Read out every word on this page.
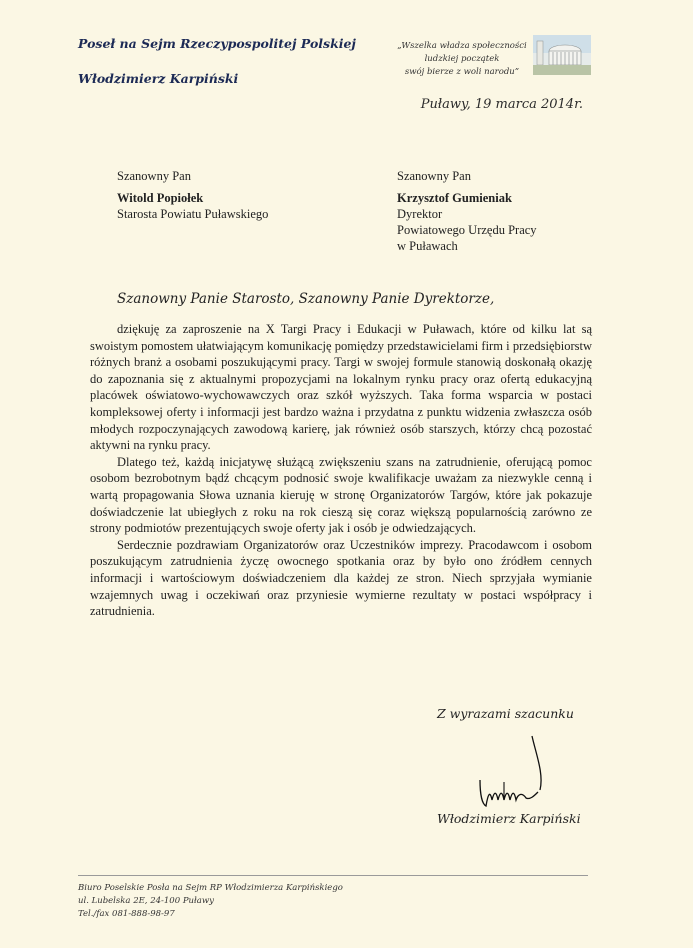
Poseł na Sejm Rzeczypospolitej Polskiej
Włodzimierz Karpiński
„Wszelka władza społeczności
ludzkiej początek
swój bierze z woli narodu”
Puławy, 19 marca 2014r.
Szanowny Pan
Witold Popiołek
Starosta Powiatu Puławskiego
Szanowny Pan
Krzysztof Gumieniak
Dyrektor
Powiatowego Urzędu Pracy
w Puławach
Szanowny Panie Starosto, Szanowny Panie Dyrektorze,

dziękuję za zaproszenie na X Targi Pracy i Edukacji w Puławach, które od kilku lat są swoistym pomostem ułatwiającym komunikację pomiędzy przedstawicielami firm i przedsiębiorstw różnych branż a osobami poszukującymi pracy. Targi w swojej formule stanowią doskonałą okazję do zapoznania się z aktualnymi propozycjami na lokalnym rynku pracy oraz ofertą edukacyjną placówek oświatowo-wychowawczych oraz szkół wyższych. Taka forma wsparcia w postaci kompleksowej oferty i informacji jest bardzo ważna i przydatna z punktu widzenia zwłaszcza osób młodych rozpoczynających zawodową karierę, jak również osób starszych, którzy chcą pozostać aktywni na rynku pracy.

Dlatego też, każdą inicjatywę służącą zwiększeniu szans na zatrudnienie, oferującą pomoc osobom bezrobotnym bądź chcącym podnosić swoje kwalifikacje uważam za niezwykle cenną i wartą propagowania Słowa uznania kieruję w stronę Organizatorów Targów, które jak pokazuje doświadczenie lat ubiegłych z roku na rok cieszą się coraz większą popularnością zarówno ze strony podmiotów prezentujących swoje oferty jak i osób je odwiedzających.

Serdecznie pozdrawiam Organizatorów oraz Uczestników imprezy. Pracodawcom i osobom poszukującym zatrudnienia życzę owocnego spotkania oraz by było ono źródłem cennych informacji i wartościowym doświadczeniem dla każdej ze stron. Niech sprzyjała wymianie wzajemnych uwag i oczekiwań oraz przyniesie wymierne rezultaty w postaci współpracy i zatrudnienia.

Z wyrazami szacunku
Włodzimierz Karpiński
Biuro Poselskie Posła na Sejm RP Włodzimierza Karpińskiego
ul. Lubelska 2E, 24-100 Puławy
Tel./fax 081-888-98-97
